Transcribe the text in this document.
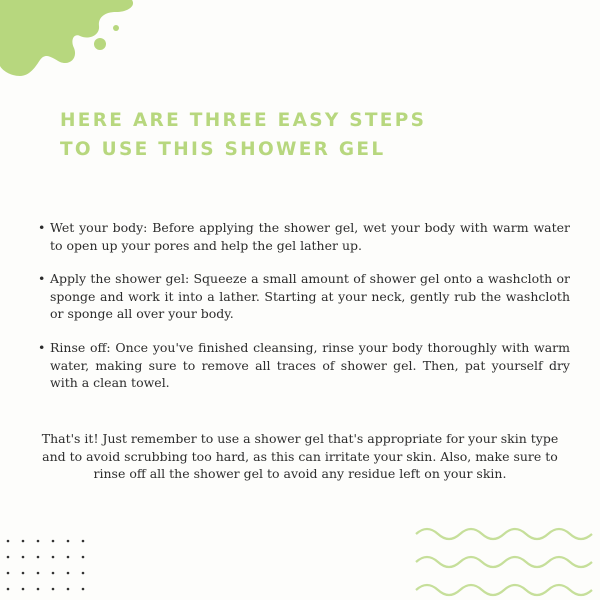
HERE ARE THREE EASY STEPS
TO USE THIS SHOWER GEL
• Wet your body: Before applying the shower gel, wet your body with warm water to open up your pores and help the gel lather up.
• Apply the shower gel: Squeeze a small amount of shower gel onto a washcloth or sponge and work it into a lather. Starting at your neck, gently rub the washcloth or sponge all over your body.
• Rinse off: Once you've finished cleansing, rinse your body thoroughly with warm water, making sure to remove all traces of shower gel. Then, pat yourself dry with a clean towel.
That's it! Just remember to use a shower gel that's appropriate for your skin type and to avoid scrubbing too hard, as this can irritate your skin. Also, make sure to rinse off all the shower gel to avoid any residue left on your skin.
